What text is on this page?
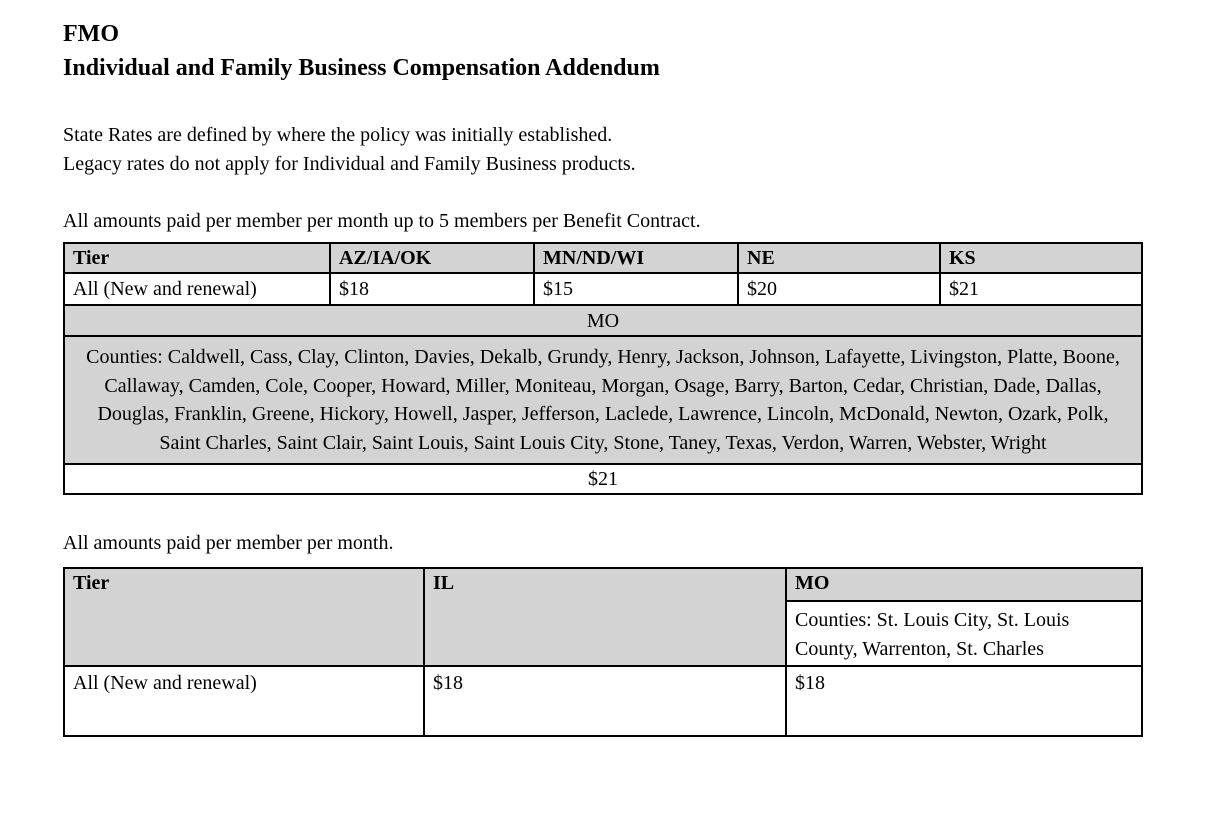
FMO
Individual and Family Business Compensation Addendum
State Rates are defined by where the policy was initially established.
Legacy rates do not apply for Individual and Family Business products.
All amounts paid per member per month up to 5 members per Benefit Contract.
Tier	AZ/IA/OK	MN/ND/WI	NE	KS
All (New and renewal)	$18	$15	$20	$21
MO				
Counties: Caldwell, Cass, Clay, Clinton, Davies, Dekalb, Grundy, Henry, Jackson, Johnson, Lafayette, Livingston, Platte, Boone, Callaway, Camden, Cole, Cooper, Howard, Miller, Moniteau, Morgan, Osage, Barry, Barton, Cedar, Christian, Dade, Dallas, Douglas, Franklin, Greene, Hickory, Howell, Jasper, Jefferson, Laclede, Lawrence, Lincoln, McDonald, Newton, Ozark, Polk, Saint Charles, Saint Clair, Saint Louis, Saint Louis City, Stone, Taney, Texas, Verdon, Warren, Webster, Wright				
$21				
All amounts paid per member per month.
Tier	IL	MO
		Counties: St. Louis City, St. Louis County, Warrenton, St. Charles
All (New and renewal)	$18	$18
